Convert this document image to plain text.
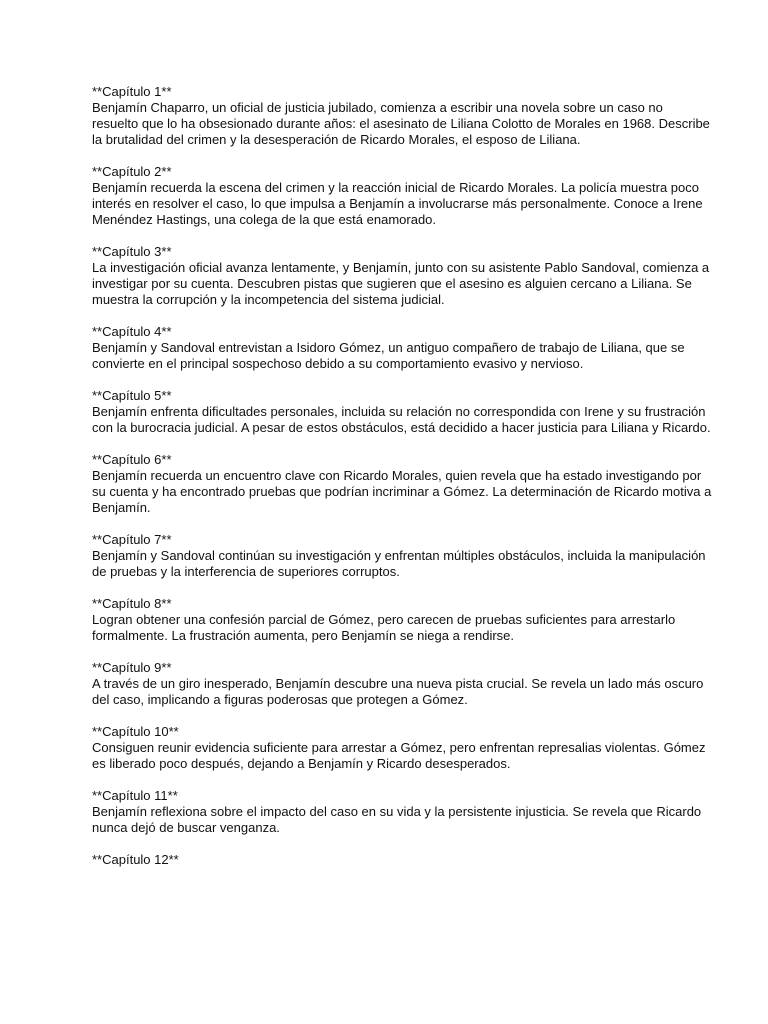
**Capítulo 1**
Benjamín Chaparro, un oficial de justicia jubilado, comienza a escribir una novela sobre un caso no resuelto que lo ha obsesionado durante años: el asesinato de Liliana Colotto de Morales en 1968. Describe la brutalidad del crimen y la desesperación de Ricardo Morales, el esposo de Liliana.
**Capítulo 2**
Benjamín recuerda la escena del crimen y la reacción inicial de Ricardo Morales. La policía muestra poco interés en resolver el caso, lo que impulsa a Benjamín a involucrarse más personalmente. Conoce a Irene Menéndez Hastings, una colega de la que está enamorado.
**Capítulo 3**
La investigación oficial avanza lentamente, y Benjamín, junto con su asistente Pablo Sandoval, comienza a investigar por su cuenta. Descubren pistas que sugieren que el asesino es alguien cercano a Liliana. Se muestra la corrupción y la incompetencia del sistema judicial.
**Capítulo 4**
Benjamín y Sandoval entrevistan a Isidoro Gómez, un antiguo compañero de trabajo de Liliana, que se convierte en el principal sospechoso debido a su comportamiento evasivo y nervioso.
**Capítulo 5**
Benjamín enfrenta dificultades personales, incluida su relación no correspondida con Irene y su frustración con la burocracia judicial. A pesar de estos obstáculos, está decidido a hacer justicia para Liliana y Ricardo.
**Capítulo 6**
Benjamín recuerda un encuentro clave con Ricardo Morales, quien revela que ha estado investigando por su cuenta y ha encontrado pruebas que podrían incriminar a Gómez. La determinación de Ricardo motiva a Benjamín.
**Capítulo 7**
Benjamín y Sandoval continúan su investigación y enfrentan múltiples obstáculos, incluida la manipulación de pruebas y la interferencia de superiores corruptos.
**Capítulo 8**
Logran obtener una confesión parcial de Gómez, pero carecen de pruebas suficientes para arrestarlo formalmente. La frustración aumenta, pero Benjamín se niega a rendirse.
**Capítulo 9**
A través de un giro inesperado, Benjamín descubre una nueva pista crucial. Se revela un lado más oscuro del caso, implicando a figuras poderosas que protegen a Gómez.
**Capítulo 10**
Consiguen reunir evidencia suficiente para arrestar a Gómez, pero enfrentan represalias violentas. Gómez es liberado poco después, dejando a Benjamín y Ricardo desesperados.
**Capítulo 11**
Benjamín reflexiona sobre el impacto del caso en su vida y la persistente injusticia. Se revela que Ricardo nunca dejó de buscar venganza.
**Capítulo 12**
